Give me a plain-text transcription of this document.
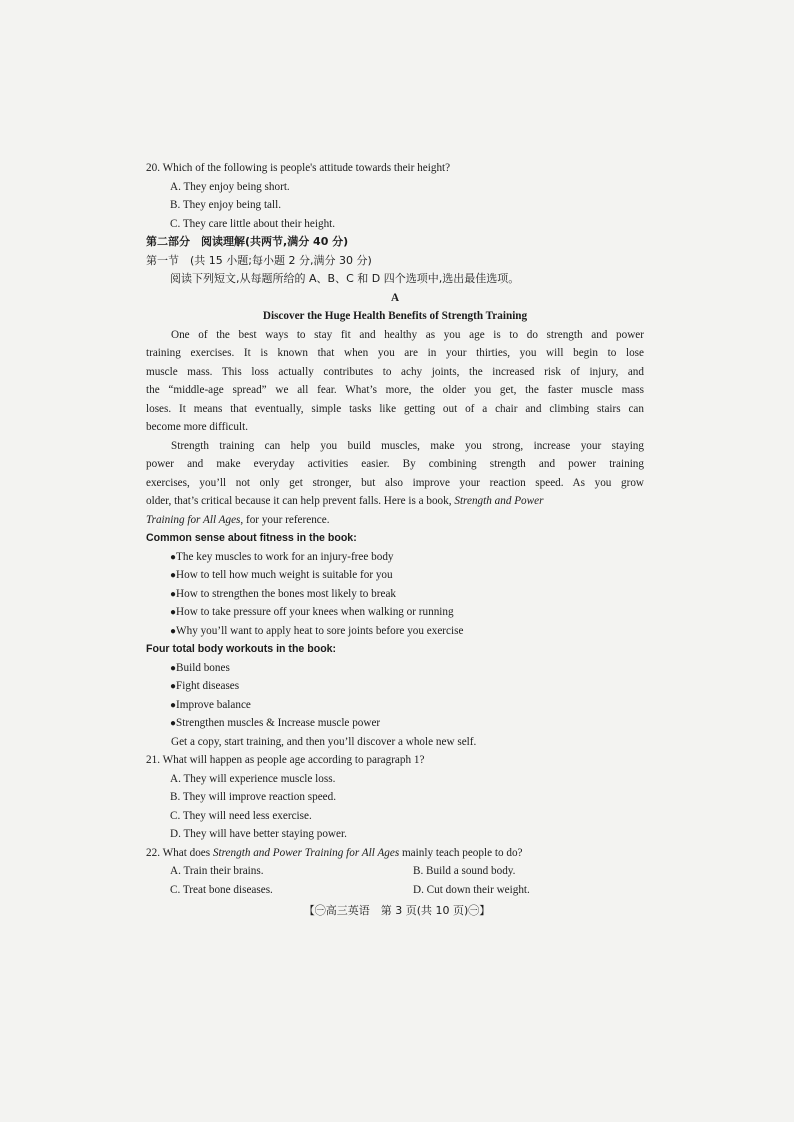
20. Which of the following is people's attitude towards their height?
A. They enjoy being short.
B. They enjoy being tall.
C. They care little about their height.
第二部分　阅读理解(共两节,满分 40 分)
第一节　(共 15 小题;每小题 2 分,满分 30 分)
阅读下列短文,从每题所给的 A、B、C 和 D 四个选项中,选出最佳选项。
A
Discover the Huge Health Benefits of Strength Training
One of the best ways to stay fit and healthy as you age is to do strength and power
training exercises. It is known that when you are in your thirties, you will begin to lose
muscle mass. This loss actually contributes to achy joints, the increased risk of injury, and
the “middle-age spread” we all fear. What’s more, the older you get, the faster muscle mass
loses. It means that eventually, simple tasks like getting out of a chair and climbing stairs can
become more difficult.
Strength training can help you build muscles, make you strong, increase your staying
power and make everyday activities easier. By combining strength and power training
exercises, you’ll not only get stronger, but also improve your reaction speed. As you grow
older, that’s critical because it can help prevent falls. Here is a book, Strength and Power
Training for All Ages, for your reference.
Common sense about fitness in the book:
●The key muscles to work for an injury-free body
●How to tell how much weight is suitable for you
●How to strengthen the bones most likely to break
●How to take pressure off your knees when walking or running
●Why you’ll want to apply heat to sore joints before you exercise
Four total body workouts in the book:
●Build bones
●Fight diseases
●Improve balance
●Strengthen muscles & Increase muscle power
Get a copy, start training, and then you’ll discover a whole new self.
21. What will happen as people age according to paragraph 1?
A. They will experience muscle loss.
B. They will improve reaction speed.
C. They will need less exercise.
D. They will have better staying power.
22. What does Strength and Power Training for All Ages mainly teach people to do?
A. Train their brains.	B. Build a sound body.
C. Treat bone diseases.	D. Cut down their weight.
【㊀高三英语　第 3 页(共 10 页)㊀】
